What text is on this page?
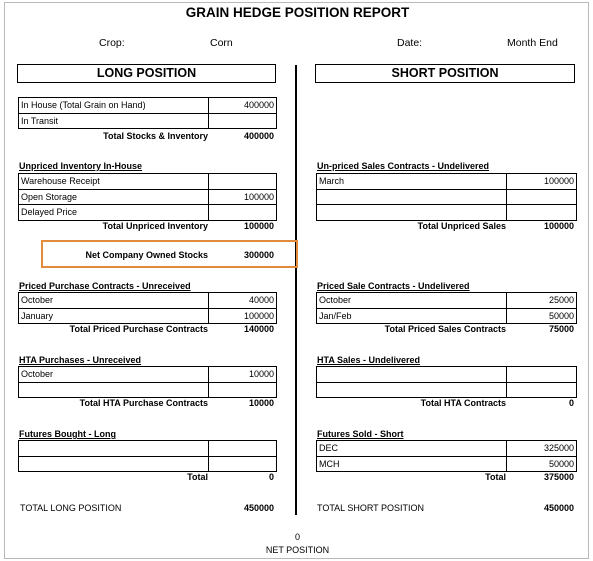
GRAIN HEDGE POSITION REPORT
Crop:	Corn	Date:	Month End
LONG POSITION	SHORT POSITION
In House (Total Grain on Hand)	400000
In Transit	
Total Stocks & Inventory	400000
Unpriced Inventory In-House
Warehouse Receipt	
Open Storage	100000
Delayed Price	
Total Unpriced Inventory	100000
Net Company Owned Stocks	300000
Priced Purchase Contracts - Unreceived
October	40000
January	100000
Total Priced Purchase Contracts	140000
HTA Purchases - Unreceived
October	10000

Total HTA Purchase Contracts	10000
Futures Bought - Long

Total	0
TOTAL LONG POSITION	450000
Un-priced Sales Contracts - Undelivered
March	100000

Total Unpriced Sales	100000
Priced Sale Contracts - Undelivered
October	25000
Jan/Feb	50000
Total Priced Sales Contracts	75000
HTA Sales - Undelivered

Total HTA Contracts	0
Futures Sold - Short
DEC	325000
MCH	50000
Total	375000
TOTAL SHORT POSITION	450000
0
NET POSITION
